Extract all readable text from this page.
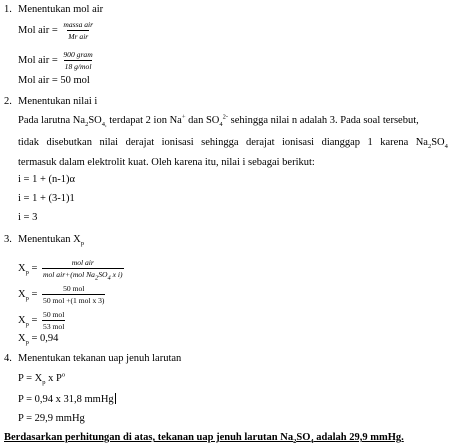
1. Menentukan mol air
Mol air = $\frac{\text{massa air}}{\text{Mr air}}$
Mol air = $\frac{\text{900 gram}}{\text{18 g/mol}}$
Mol air = 50 mol
2. Menentukan nilai i
Pada larutna $Na_2SO_{4,}$ terdapat 2 ion Na+ dan $SO_4^{2-}$ sehingga nilai n adalah 3. Pada soal tersebut,
tidak disebutkan nilai derajat ionisasi sehingga derajat ionisasi dianggap 1 karena $Na_2SO_4$
termasuk dalam elektrolit kuat. Oleh karena itu, nilai i sebagai berikut:
i = 1 + (n-1)α
i = 1 + (3-1)1
i = 3
3. Menentukan $X_p$
$X_p = \frac{\text{mol air}}{mol air+(mol Na_2SO_4 x i)}$
$X_p = \frac{\text{50 mol}}{\text{50 mol +(1 mol x 3)}}$
$X_p = \frac{\text{50 mol}}{\text{53 mol}}$
$X_p = 0,94$
4. Menentukan tekanan uap jenuh larutan
$P = X_p$ x $P^o$
P = 0,94 x 31,8 mmHg
P = 29,9 mmHg
Berdasarkan perhitungan di atas, tekanan uap jenuh larutan $Na_2SO_4$ adalah 29,9 mmHg.
